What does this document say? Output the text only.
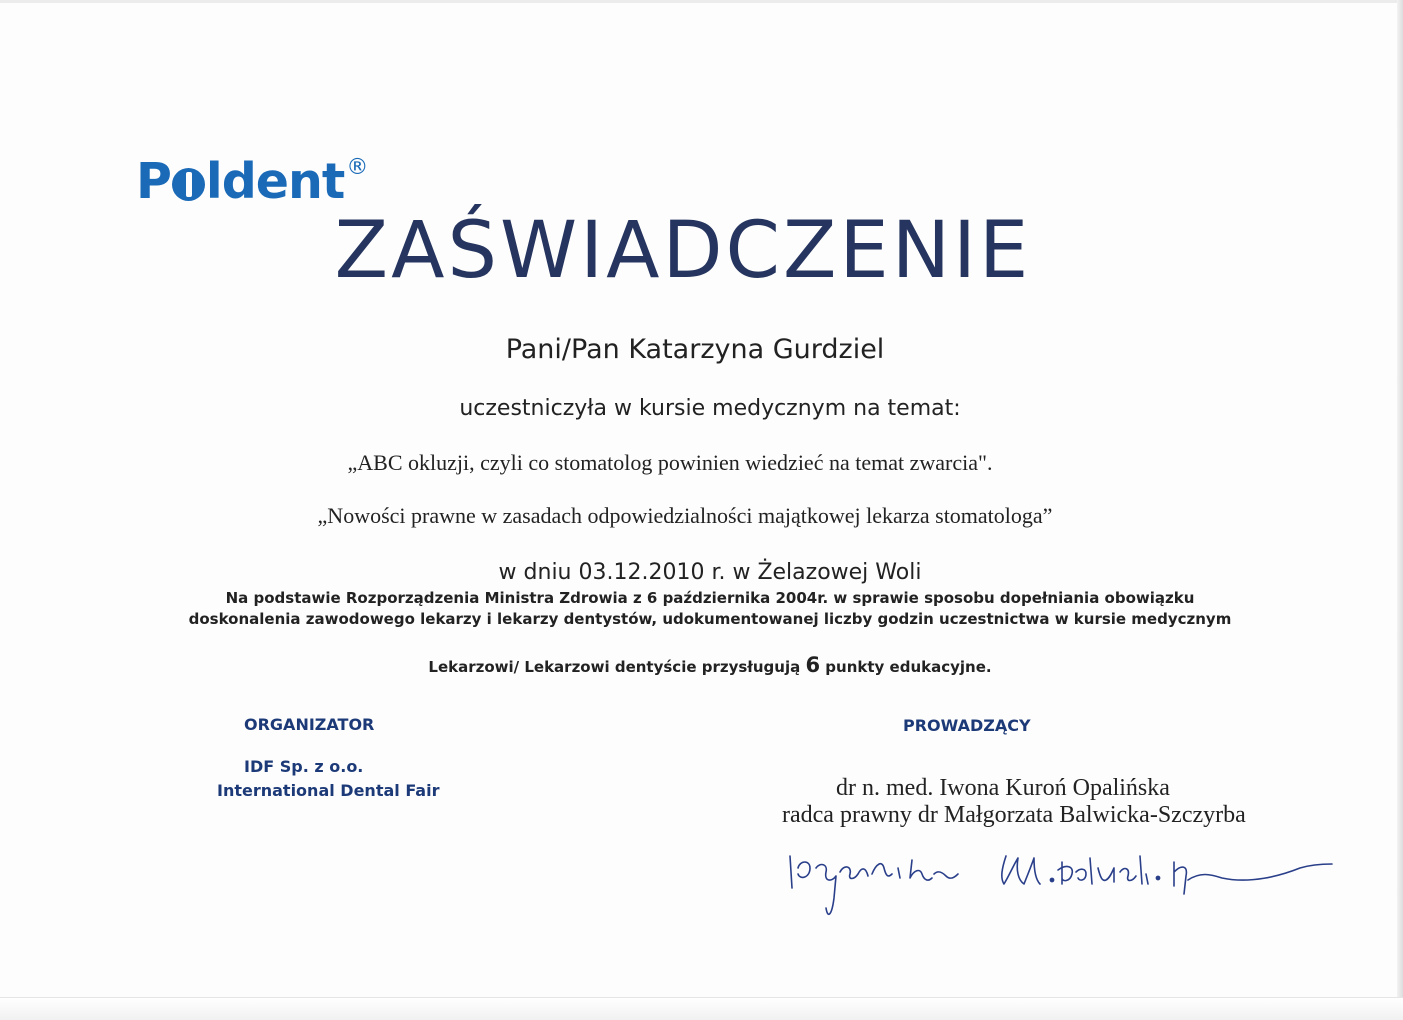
P ldent®
ZAŚWIADCZENIE
Pani/Pan Katarzyna Gurdziel
uczestniczyła w kursie medycznym na temat:
„ABC okluzji, czyli co stomatolog powinien wiedzieć na temat zwarcia".
„Nowości prawne w zasadach odpowiedzialności majątkowej lekarza stomatologa”
w dniu 03.12.2010 r. w Żelazowej Woli
Na podstawie Rozporządzenia Ministra Zdrowia z 6 października 2004r. w sprawie sposobu dopełniania obowiązku
doskonalenia zawodowego lekarzy i lekarzy dentystów, udokumentowanej liczby godzin uczestnictwa w kursie medycznym
Lekarzowi/ Lekarzowi dentyście przysługują 6 punkty edukacyjne.
ORGANIZATOR
IDF Sp. z o.o.
International Dental Fair
PROWADZĄCY
dr n. med. Iwona Kuroń Opalińska
radca prawny dr Małgorzata Balwicka-Szczyrba
